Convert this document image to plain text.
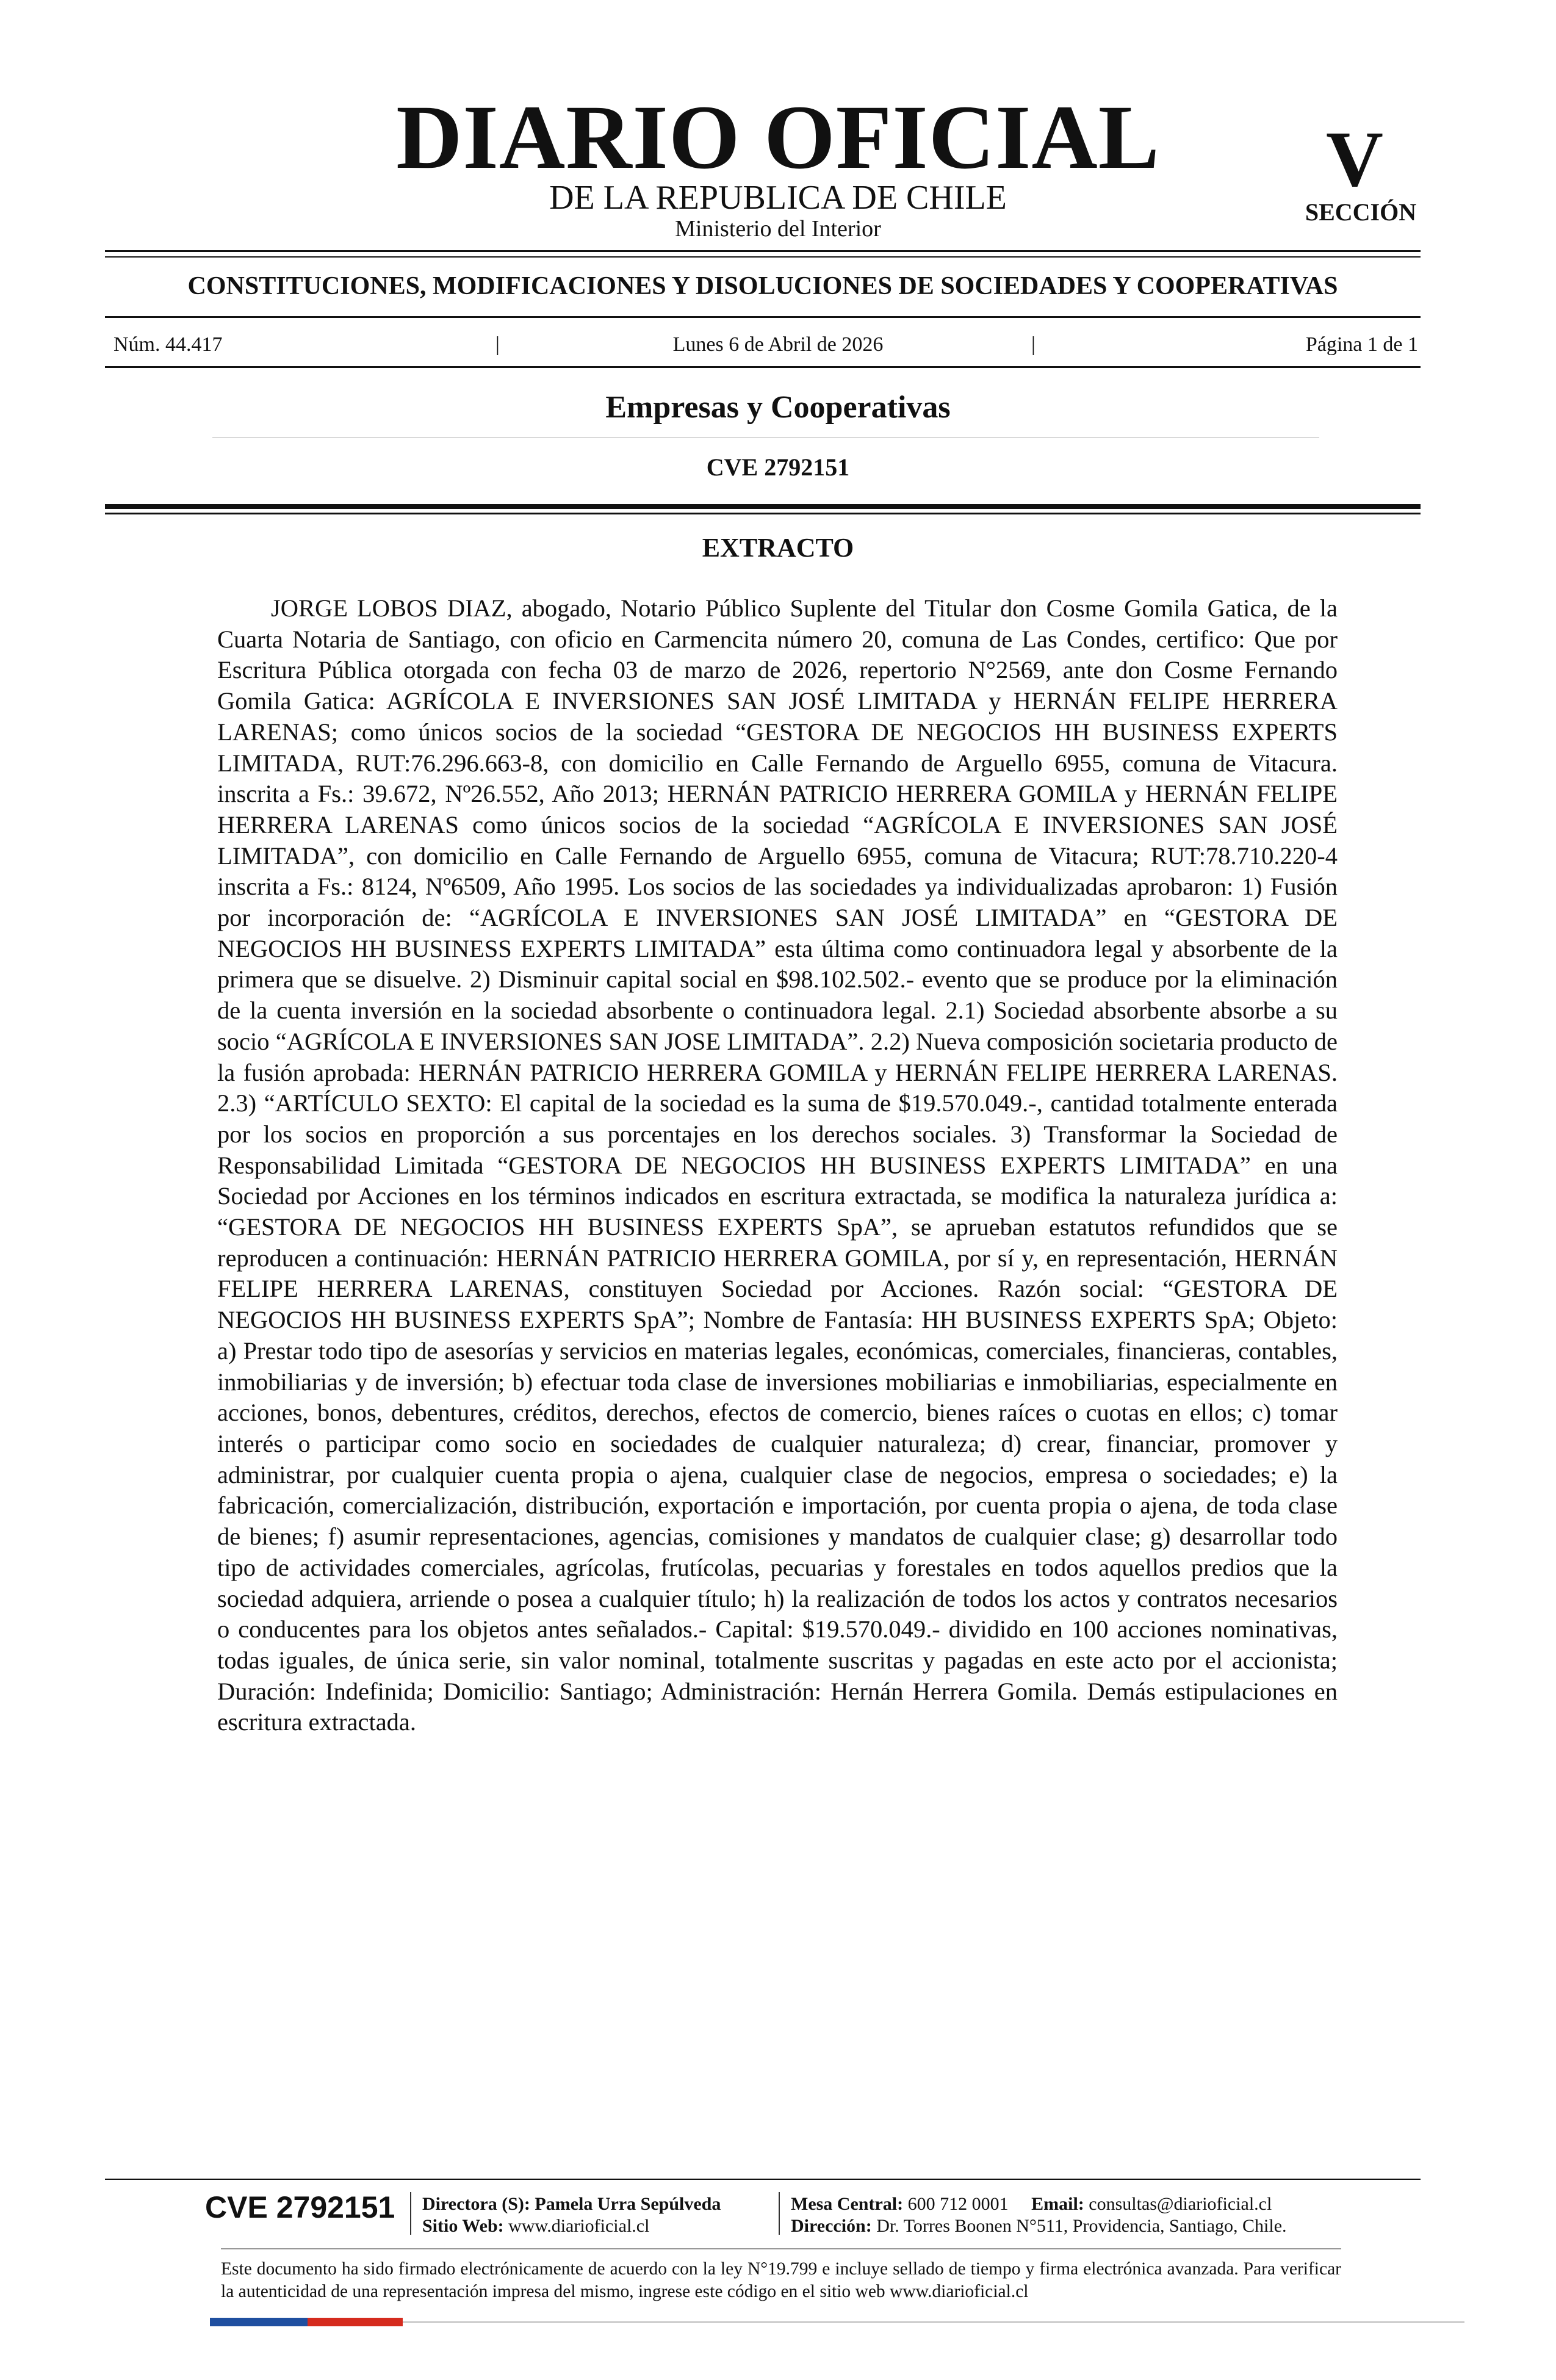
DIARIO OFICIAL
DE LA REPUBLICA DE CHILE
Ministerio del Interior
V
SECCIÓN
CONSTITUCIONES, MODIFICACIONES Y DISOLUCIONES DE SOCIEDADES Y COOPERATIVAS
Núm. 44.417	|	Lunes 6 de Abril de 2026	|	Página 1 de 1
Empresas y Cooperativas
CVE 2792151
EXTRACTO

JORGE LOBOS DIAZ, abogado, Notario Público Suplente del Titular don Cosme Gomila Gatica, de la Cuarta Notaria de Santiago, con oficio en Carmencita número 20, comuna de Las Condes, certifico: Que por Escritura Pública otorgada con fecha 03 de marzo de 2026, repertorio N°2569, ante don Cosme Fernando Gomila Gatica: AGRÍCOLA E INVERSIONES SAN JOSÉ LIMITADA y HERNÁN FELIPE HERRERA LARENAS; como únicos socios de la sociedad “GESTORA DE NEGOCIOS HH BUSINESS EXPERTS LIMITADA, RUT:76.296.663-8, con domicilio en Calle Fernando de Arguello 6955, comuna de Vitacura. inscrita a Fs.: 39.672, Nº26.552, Año 2013; HERNÁN PATRICIO HERRERA GOMILA y HERNÁN FELIPE HERRERA LARENAS como únicos socios de la sociedad “AGRÍCOLA E INVERSIONES SAN JOSÉ LIMITADA”, con domicilio en Calle Fernando de Arguello 6955, comuna de Vitacura; RUT:78.710.220-4 inscrita a Fs.: 8124, Nº6509, Año 1995. Los socios de las sociedades ya individualizadas aprobaron: 1) Fusión por incorporación de: “AGRÍCOLA E INVERSIONES SAN JOSÉ LIMITADA” en “GESTORA DE NEGOCIOS HH BUSINESS EXPERTS LIMITADA” esta última como continuadora legal y absorbente de la primera que se disuelve. 2) Disminuir capital social en $98.102.502.- evento que se produce por la eliminación de la cuenta inversión en la sociedad absorbente o continuadora legal. 2.1) Sociedad absorbente absorbe a su socio “AGRÍCOLA E INVERSIONES SAN JOSE LIMITADA”. 2.2) Nueva composición societaria producto de la fusión aprobada: HERNÁN PATRICIO HERRERA GOMILA y HERNÁN FELIPE HERRERA LARENAS. 2.3) “ARTÍCULO SEXTO: El capital de la sociedad es la suma de $19.570.049.-, cantidad totalmente enterada por los socios en proporción a sus porcentajes en los derechos sociales. 3) Transformar la Sociedad de Responsabilidad Limitada “GESTORA DE NEGOCIOS HH BUSINESS EXPERTS LIMITADA” en una Sociedad por Acciones en los términos indicados en escritura extractada, se modifica la naturaleza jurídica a: “GESTORA DE NEGOCIOS HH BUSINESS EXPERTS SpA”, se aprueban estatutos refundidos que se reproducen a continuación: HERNÁN PATRICIO HERRERA GOMILA, por sí y, en representación, HERNÁN FELIPE HERRERA LARENAS, constituyen Sociedad por Acciones. Razón social: “GESTORA DE NEGOCIOS HH BUSINESS EXPERTS SpA”; Nombre de Fantasía: HH BUSINESS EXPERTS SpA; Objeto: a) Prestar todo tipo de asesorías y servicios en materias legales, económicas, comerciales, financieras, contables, inmobiliarias y de inversión; b) efectuar toda clase de inversiones mobiliarias e inmobiliarias, especialmente en acciones, bonos, debentures, créditos, derechos, efectos de comercio, bienes raíces o cuotas en ellos; c) tomar interés o participar como socio en sociedades de cualquier naturaleza; d) crear, financiar, promover y administrar, por cualquier cuenta propia o ajena, cualquier clase de negocios, empresa o sociedades; e) la fabricación, comercialización, distribución, exportación e importación, por cuenta propia o ajena, de toda clase de bienes; f) asumir representaciones, agencias, comisiones y mandatos de cualquier clase; g) desarrollar todo tipo de actividades comerciales, agrícolas, frutícolas, pecuarias y forestales en todos aquellos predios que la sociedad adquiera, arriende o posea a cualquier título; h) la realización de todos los actos y contratos necesarios o conducentes para los objetos antes señalados.- Capital: $19.570.049.- dividido en 100 acciones nominativas, todas iguales, de única serie, sin valor nominal, totalmente suscritas y pagadas en este acto por el accionista; Duración: Indefinida; Domicilio: Santiago; Administración: Hernán Herrera Gomila. Demás estipulaciones en escritura extractada.

CVE 2792151 Directora (S): Pamela Urra Sepúlveda
Sitio Web: www.diarioficial.cl
Mesa Central: 600 712 0001 Email: consultas@diarioficial.cl
Dirección: Dr. Torres Boonen N°511, Providencia, Santiago, Chile.

Este documento ha sido firmado electrónicamente de acuerdo con la ley N°19.799 e incluye sellado de tiempo y firma electrónica avanzada. Para verificar la autenticidad de una representación impresa del mismo, ingrese este código en el sitio web www.diarioficial.cl
